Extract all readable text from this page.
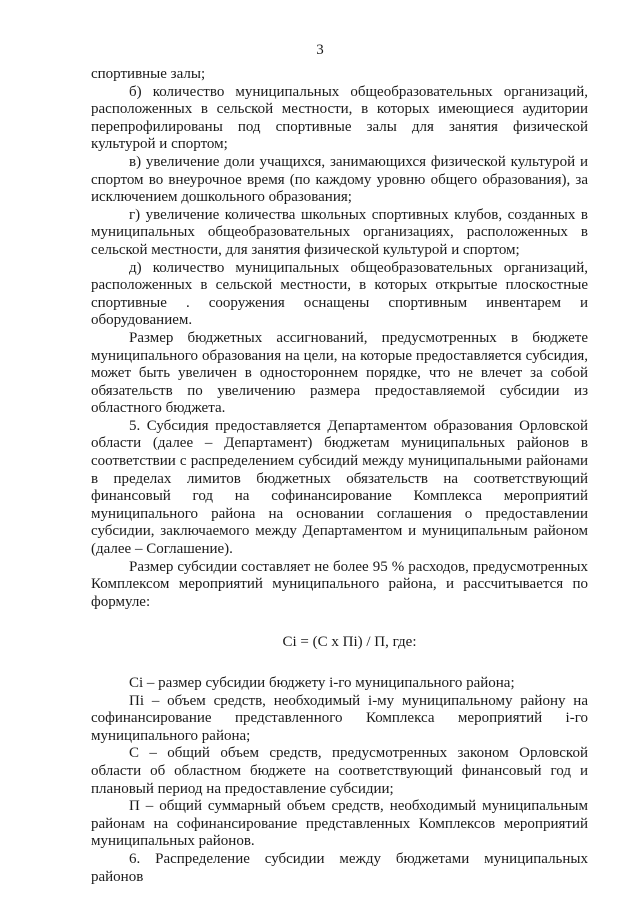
3

спортивные залы;

б) количество муниципальных общеобразовательных организаций, расположенных в сельской местности, в которых имеющиеся аудитории перепрофилированы под спортивные залы для занятия физической культурой и спортом;

в) увеличение доли учащихся, занимающихся физической культурой и спортом во внеурочное время (по каждому уровню общего образования), за исключением дошкольного образования;

г) увеличение количества школьных спортивных клубов, созданных в муниципальных общеобразовательных организациях, расположенных в сельской местности, для занятия физической культурой и спортом;

д) количество муниципальных общеобразовательных организаций, расположенных в сельской местности, в которых открытые плоскостные спортивные . сооружения оснащены спортивным инвентарем и оборудованием.

Размер бюджетных ассигнований, предусмотренных в бюджете муниципального образования на цели, на которые предоставляется субсидия, может быть увеличен в одностороннем порядке, что не влечет за собой обязательств по увеличению размера предоставляемой субсидии из областного бюджета.

5. Субсидия предоставляется Департаментом образования Орловской области (далее – Департамент) бюджетам муниципальных районов в соответствии с распределением субсидий между муниципальными районами в пределах лимитов бюджетных обязательств на соответствующий финансовый год на софинансирование Комплекса мероприятий муниципального района на основании соглашения о предоставлении субсидии, заключаемого между Департаментом и муниципальным районом (далее – Соглашение).

Размер субсидии составляет не более 95 % расходов, предусмотренных Комплексом мероприятий муниципального района, и рассчитывается по формуле:

Сi = (С х Пi) / П, где:

Сi – размер субсидии бюджету i-го муниципального района;

Пi – объем средств, необходимый i-му муниципальному району на софинансирование представленного Комплекса мероприятий i-го муниципального района;

С – общий объем средств, предусмотренных законом Орловской области об областном бюджете на соответствующий финансовый год и плановый период на предоставление субсидии;

П – общий суммарный объем средств, необходимый муниципальным районам на софинансирование представленных Комплексов мероприятий муниципальных районов.

6. Распределение субсидии между бюджетами муниципальных районов
